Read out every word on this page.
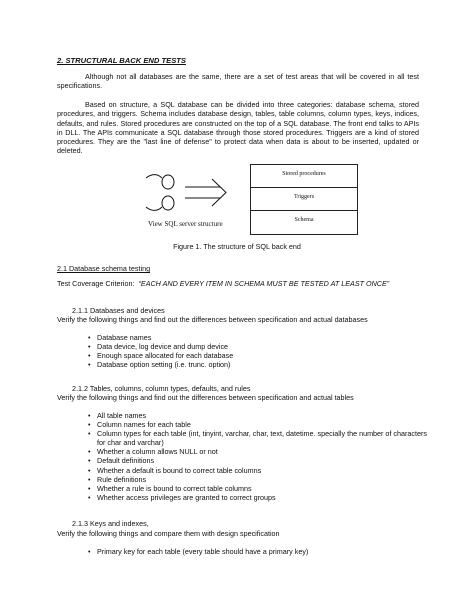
2. STRUCTURAL BACK END TESTS
Although not all databases are the same, there are a set of test areas that will be covered in all test specifications.
Based on structure, a SQL database can be divided into three categories: database schema, stored procedures, and triggers. Schema includes database design, tables, table columns, column types, keys, indices, defaults, and rules. Stored procedures are constructed on the top of a SQL database. The front end talks to APIs in DLL. The APIs communicate a SQL database through those stored procedures. Triggers are a kind of stored procedures. They are the "last line of defense" to protect data when data is about to be inserted, updated or deleted.
View SQL server structure
Stored procedures
Triggers
Schema
Figure 1. The structure of SQL back end
2.1 Database schema testing
Test Coverage Criterion: “EACH AND EVERY ITEM IN SCHEMA MUST BE TESTED AT LEAST ONCE”
2.1.1 Databases and devices
Verify the following things and find out the differences between specification and actual databases
• Database names
• Data device, log device and dump device
• Enough space allocated for each database
• Database option setting (i.e. trunc. option)
2.1.2 Tables, columns, column types, defaults, and rules
Verify the following things and find out the differences between specification and actual tables
• All table names
• Column names for each table
• Column types for each table (int, tinyint, varchar, char, text, datetime. specially the number of characters for char and varchar)
• Whether a column allows NULL or not
• Default definitions
• Whether a default is bound to correct table columns
• Rule definitions
• Whether a rule is bound to correct table columns
• Whether access privileges are granted to correct groups
2.1.3 Keys and indexes,
Verify the following things and compare them with design specification
• Primary key for each table (every table should have a primary key)
